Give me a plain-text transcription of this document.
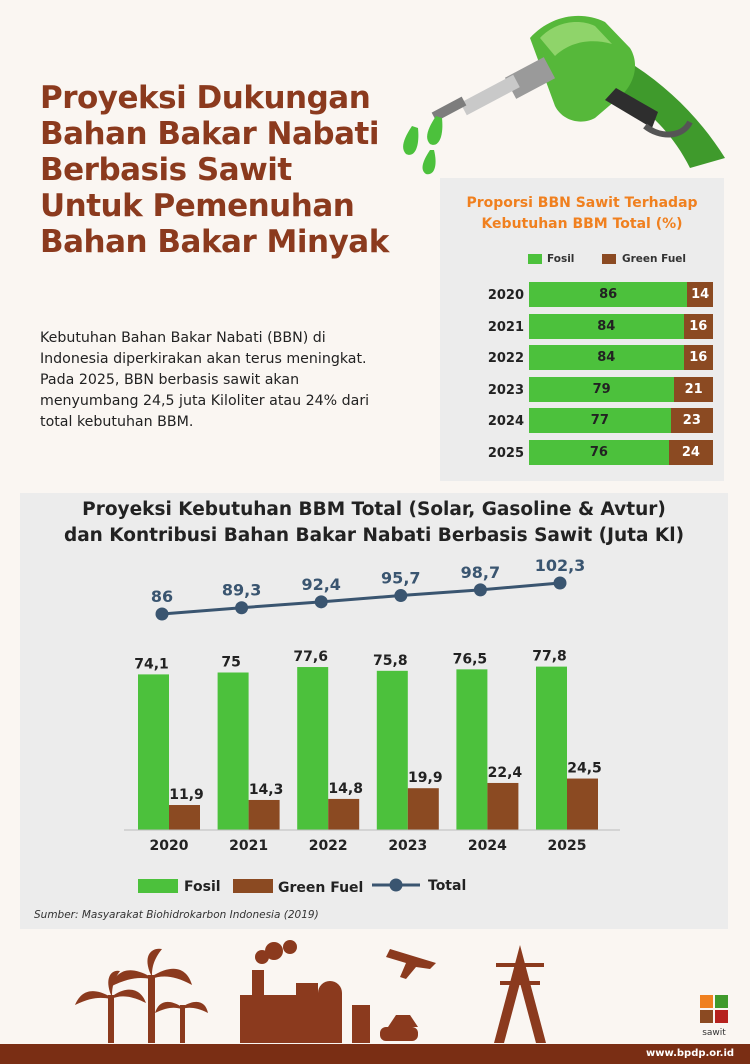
Proyeksi Dukungan
Bahan Bakar Nabati
Berbasis Sawit
Untuk Pemenuhan
Bahan Bakar Minyak
Kebutuhan Bahan Bakar Nabati (BBN) di Indonesia diperkirakan akan terus meningkat. Pada 2025, BBN berbasis sawit akan menyumbang 24,5 juta Kiloliter atau 24% dari total kebutuhan BBM.
Proporsi BBN Sawit Terhadap
Kebutuhan BBM Total (%)
Fosil	Green Fuel
2020	86	14
2021	84	16
2022	84	16
2023	79	21
2024	77	23
2025	76	24
Proyeksi Kebutuhan BBM Total (Solar, Gasoline & Avtur)
dan Kontribusi Bahan Bakar Nabati Berbasis Sawit (Juta Kl)
86	89,3	92,4	95,7	98,7 102,3
74,1
11,9
2020
75
14,3
2021
77,6
14,8
2022
75,8
19,9
2023
76,5
22,4
2024
77,8
24,5
2025
Fosil	Green Fuel	Total
Sumber: Masyarakat Biohidrokarbon Indonesia (2019)
sawit
www.bpdp.or.id
